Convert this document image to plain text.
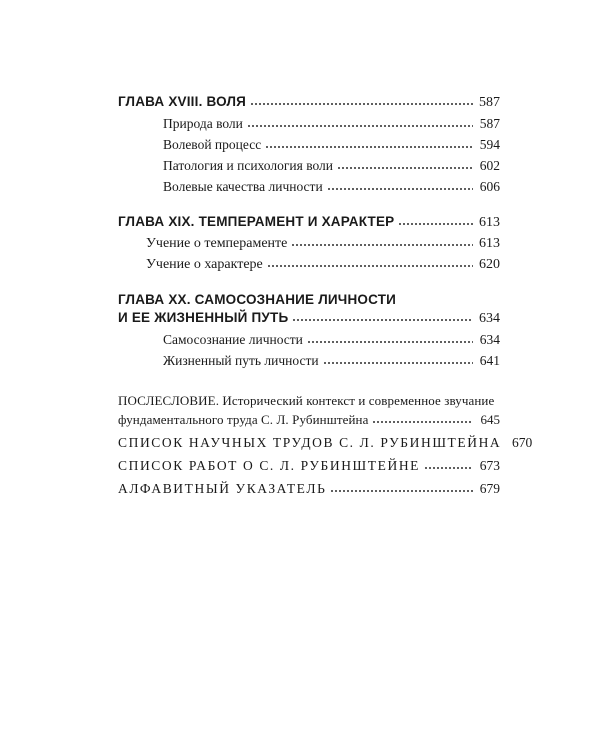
ГЛАВА XVIII. ВОЛЯ	587
Природа воли	587
Волевой процесс	594
Патология и психология воли	602
Волевые качества личности	606
ГЛАВА XIX. ТЕМПЕРАМЕНТ И ХАРАКТЕР	613
Учение о темпераменте	613
Учение о характере	620
ГЛАВА XX. САМОСОЗНАНИЕ ЛИЧНОСТИ
И ЕЕ ЖИЗНЕННЫЙ ПУТЬ	634
Самосознание личности	634
Жизненный путь личности	641
ПОСЛЕСЛОВИЕ. Исторический контекст и современное звучание
фундаментального труда С. Л. Рубинштейна	645
СПИСОК НАУЧНЫХ ТРУДОВ С. Л. РУБИНШТЕЙНА 670
СПИСОК РАБОТ О С. Л. РУБИНШТЕЙНЕ	673
АЛФАВИТНЫЙ УКАЗАТЕЛЬ	679
